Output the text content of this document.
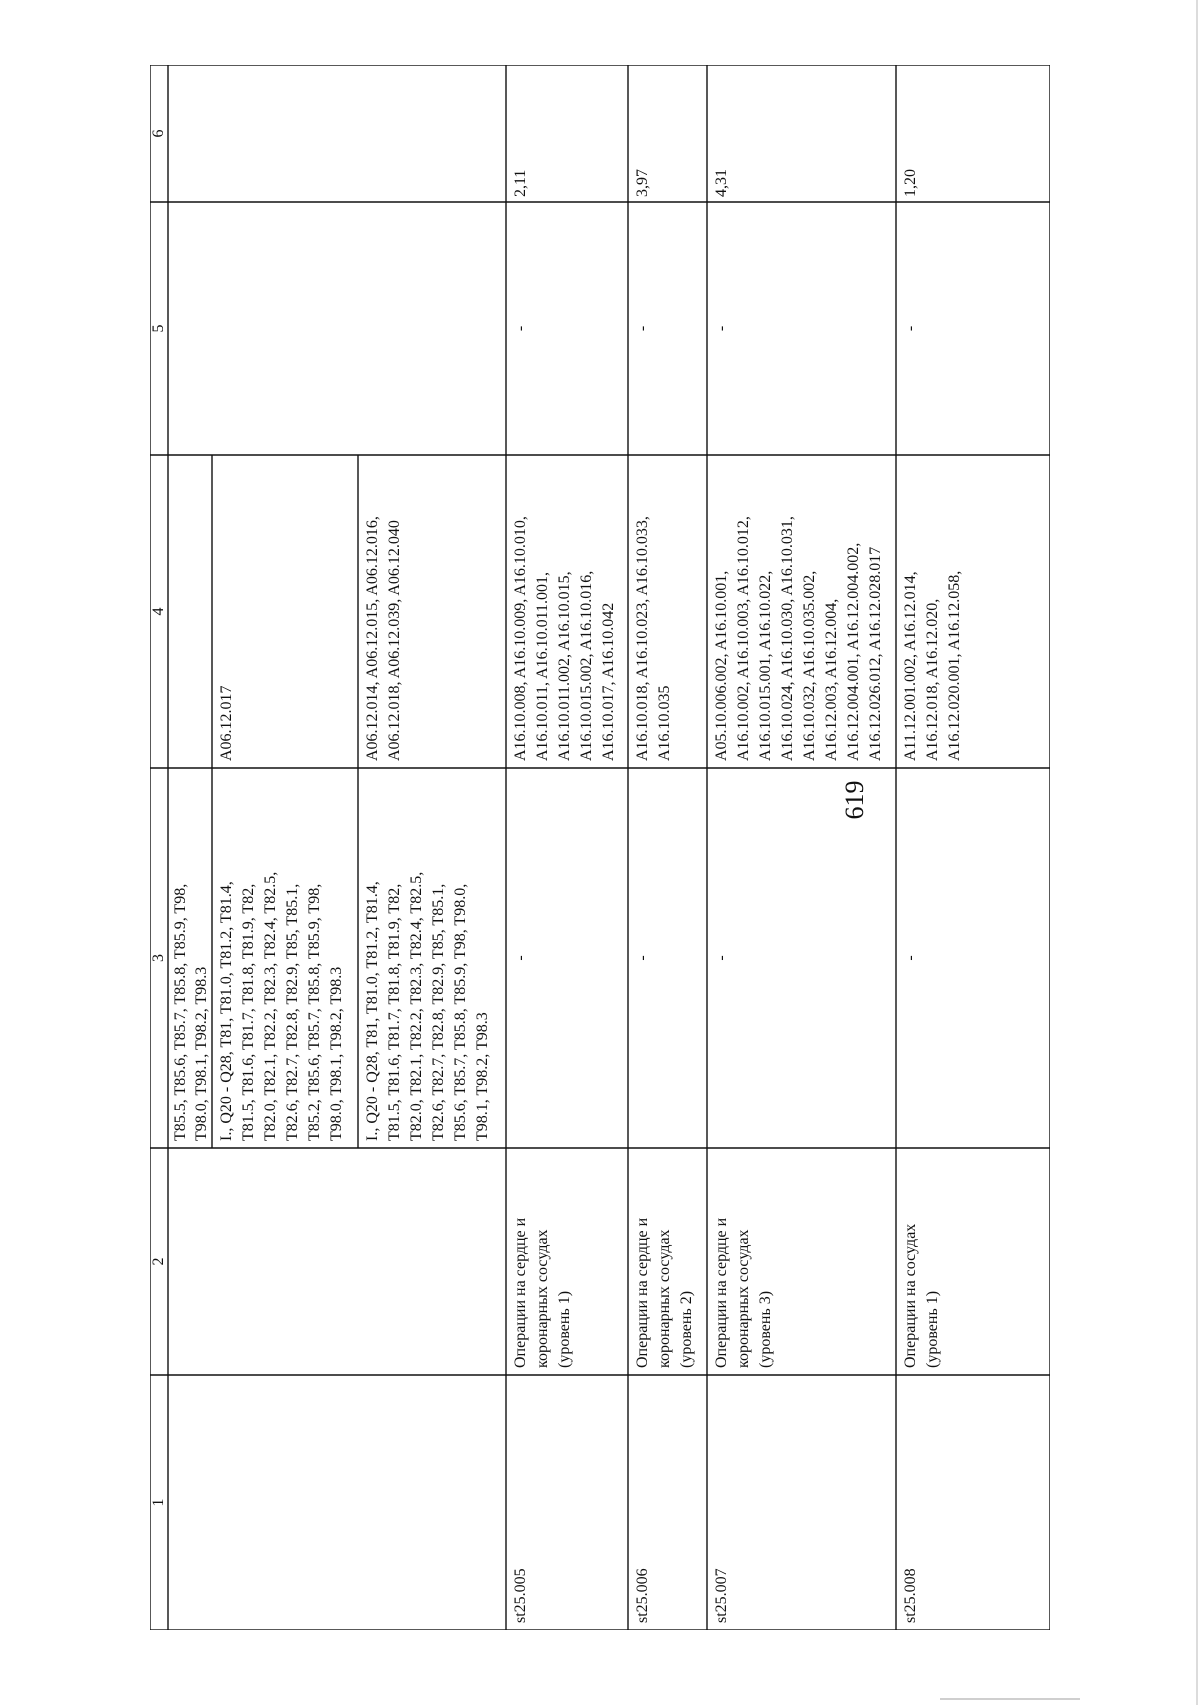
619
1
2
3
4
5
6
T85.5, T85.6, T85.7, T85.8, T85.9, T98,
T98.0, T98.1, T98.2, T98.3
I., Q20 - Q28, T81, T81.0, T81.2, T81.4,
T81.5, T81.6, T81.7, T81.8, T81.9, T82,
T82.0, T82.1, T82.2, T82.3, T82.4, T82.5,
T82.6, T82.7, T82.8, T82.9, T85, T85.1,
T85.2, T85.6, T85.7, T85.8, T85.9, T98,
T98.0, T98.1, T98.2, T98.3
A06.12.017
I., Q20 - Q28, T81, T81.0, T81.2, T81.4,
T81.5, T81.6, T81.7, T81.8, T81.9, T82,
T82.0, T82.1, T82.2, T82.3, T82.4, T82.5,
T82.6, T82.7, T82.8, T82.9, T85, T85.1,
T85.6, T85.7, T85.8, T85.9, T98, T98.0,
T98.1, T98.2, T98.3
A06.12.014, A06.12.015, A06.12.016,
A06.12.018, A06.12.039, A06.12.040
st25.005
Операции на сердце и
коронарных сосудах
(уровень 1)
-
A16.10.008, A16.10.009, A16.10.010,
A16.10.011, A16.10.011.001,
A16.10.011.002, A16.10.015,
A16.10.015.002, A16.10.016,
A16.10.017, A16.10.042
-
2,11
st25.006
Операции на сердце и
коронарных сосудах
(уровень 2)
-
A16.10.018, A16.10.023, A16.10.033,
A16.10.035
-
3,97
st25.007
Операции на сердце и
коронарных сосудах
(уровень 3)
-
A05.10.006.002, A16.10.001,
A16.10.002, A16.10.003, A16.10.012,
A16.10.015.001, A16.10.022,
A16.10.024, A16.10.030, A16.10.031,
A16.10.032, A16.10.035.002,
A16.12.003, A16.12.004,
A16.12.004.001, A16.12.004.002,
A16.12.026.012, A16.12.028.017
-
4,31
st25.008
Операции на сосудах
(уровень 1)
-
A11.12.001.002, A16.12.014,
A16.12.018, A16.12.020,
A16.12.020.001, A16.12.058,
-
1,20
